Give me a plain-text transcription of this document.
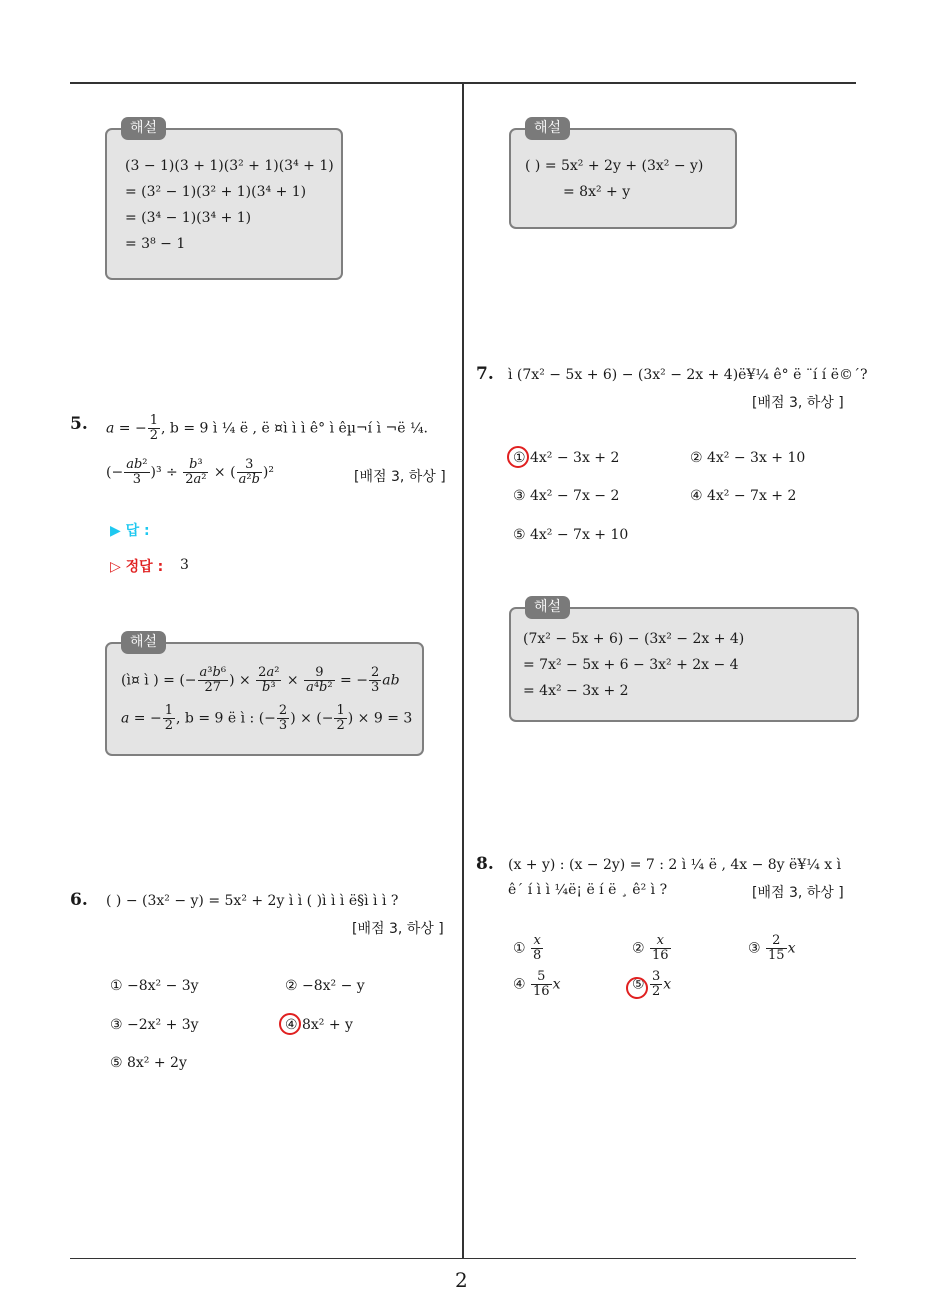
해설
(3 − 1)(3 + 1)(3² + 1)(3⁴ + 1)
= (3² − 1)(3² + 1)(3⁴ + 1)
= (3⁴ − 1)(3⁴ + 1)
= 3⁸ − 1
5. a = − $\frac{1}{2}$ , b = 9 ì ¼ ë , ë ¤ì ì ì ê° ì êµ¬í ì ¬ë ¼.
(− $\frac{\text{ab²}}{3} )^3 \div \frac{\text{b³}}{\text{2a²}}$ × ( $\frac{3}{\text{a²b}} )^2$	[배점 3, 하상 ]
▶ 답 :
▷ 정답 : 3
해설
(ì¤ ì ) = (− $\frac{\text{a³b⁶}}{27}$ ) × $\frac{\text{2a²}}{\text{b³}} \times \frac{9}{\text{a⁴b²}}$ = − $\frac{2}{3}$ ab
a = − $\frac{1}{2}$ , b = 9 ë ì : (− $\frac{2}{3}$ ) × (− $\frac{1}{2}$ ) × 9 = 3
6. ( ) − (3x² − y) = 5x² + 2y ì ì ( )ì ì ì ë§ì ì ì ?
[배점 3, 하상 ]
① −8x² − 3y	② −8x² − y
③ −2x² + 3y	④ 8x² + y
⑤ 8x² + 2y
해설
( ) = 5x² + 2y + (3x² − y)
= 8x² + y
7. ì (7x² − 5x + 6) − (3x² − 2x + 4)ë¥¼ ê° ë ¨í í ë©´?
[배점 3, 하상 ]
① 4x² − 3x + 2	② 4x² − 3x + 10
③ 4x² − 7x − 2	④ 4x² − 7x + 2
⑤ 4x² − 7x + 10
해설
(7x² − 5x + 6) − (3x² − 2x + 4)
= 7x² − 5x + 6 − 3x² + 2x − 4
= 4x² − 3x + 2
8. (x + y) : (x − 2y) = 7 : 2 ì ¼ ë , 4x − 8y ë¥¼ x ì
ê´ í ì ì ¼ë¡ ë í ë ¸ ê² ì ?	[배점 3, 하상 ]
① $\frac{x}{8}$	② $\frac{x}{16}$	③ $\frac{2}{15}$ x
④ $\frac{5}{16}$ x	⑤ $\frac{3}{2}$ x
2
